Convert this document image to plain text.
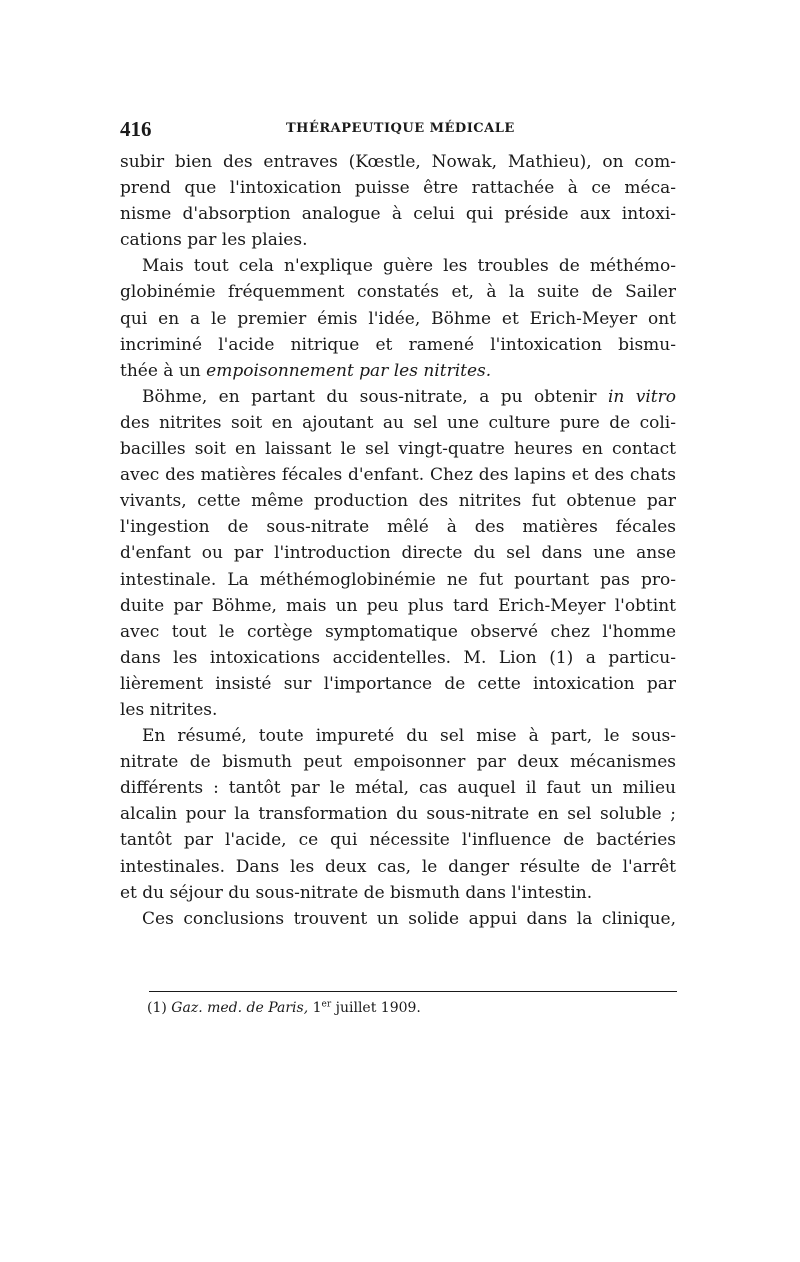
416	THÉRAPEUTIQUE MÉDICALE
subir bien des entraves (Kœstle, Nowak, Mathieu), on com-
prend que l'intoxication puisse être rattachée à ce méca-
nisme d'absorption analogue à celui qui préside aux intoxi-
cations par les plaies.
Mais tout cela n'explique guère les troubles de méthémo-
globinémie fréquemment constatés et, à la suite de Sailer
qui en a le premier émis l'idée, Böhme et Erich-Meyer ont
incriminé l'acide nitrique et ramené l'intoxication bismu-
thée à un empoisonnement par les nitrites.
Böhme, en partant du sous-nitrate, a pu obtenir in vitro
des nitrites soit en ajoutant au sel une culture pure de coli-
bacilles soit en laissant le sel vingt-quatre heures en contact
avec des matières fécales d'enfant. Chez des lapins et des chats
vivants, cette même production des nitrites fut obtenue par
l'ingestion de sous-nitrate mêlé à des matières fécales
d'enfant ou par l'introduction directe du sel dans une anse
intestinale. La méthémoglobinémie ne fut pourtant pas pro-
duite par Böhme, mais un peu plus tard Erich-Meyer l'obtint
avec tout le cortège symptomatique observé chez l'homme
dans les intoxications accidentelles. M. Lion (1) a particu-
lièrement insisté sur l'importance de cette intoxication par
les nitrites.
En résumé, toute impureté du sel mise à part, le sous-
nitrate de bismuth peut empoisonner par deux mécanismes
différents : tantôt par le métal, cas auquel il faut un milieu
alcalin pour la transformation du sous-nitrate en sel soluble ;
tantôt par l'acide, ce qui nécessite l'influence de bactéries
intestinales. Dans les deux cas, le danger résulte de l'arrêt
et du séjour du sous-nitrate de bismuth dans l'intestin.
Ces conclusions trouvent un solide appui dans la clinique,
(1) Gaz. med. de Paris, 1er juillet 1909.
